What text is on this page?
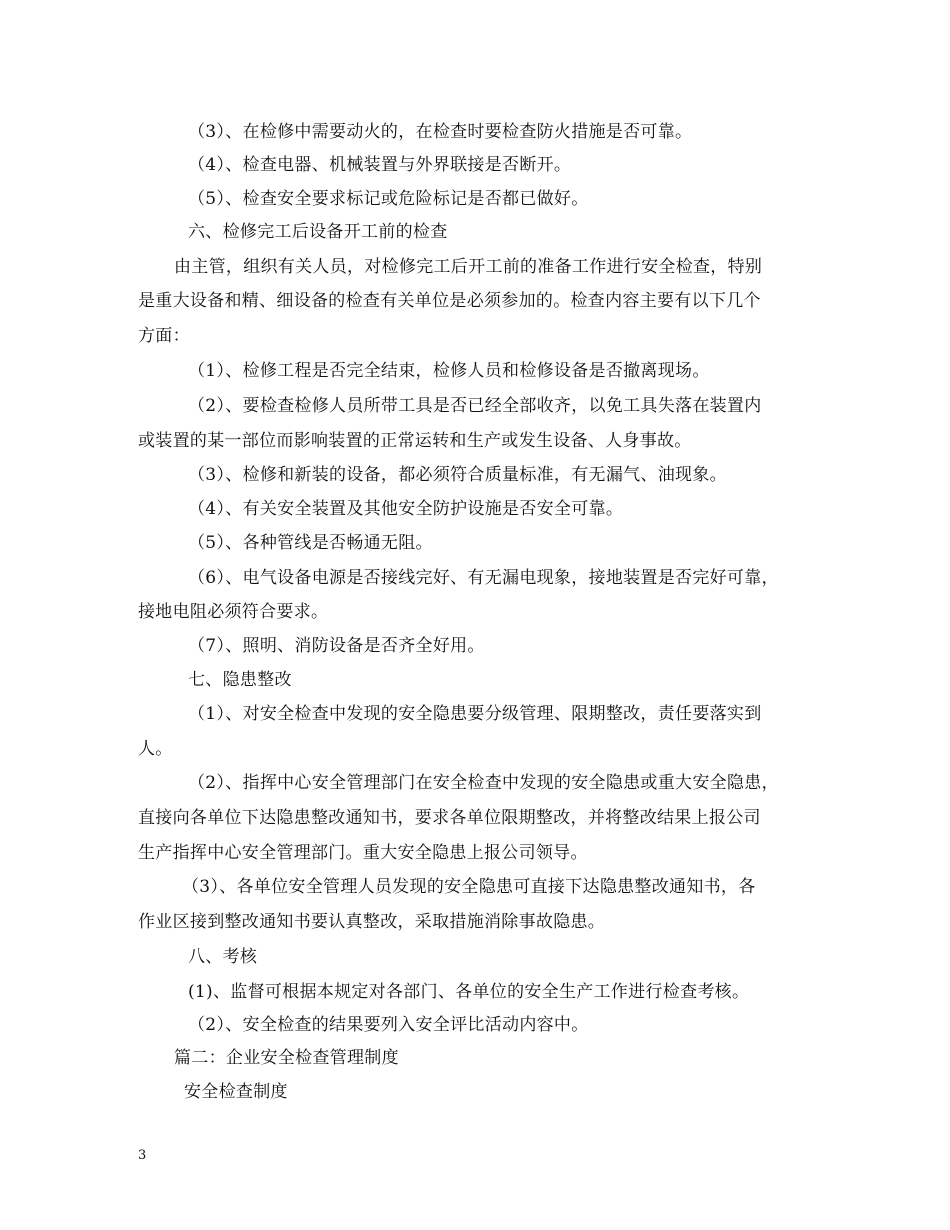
（3）、在检修中需要动火的，在检查时要检查防火措施是否可靠。
（4）、检查电器、机械装置与外界联接是否断开。
（5）、检查安全要求标记或危险标记是否都已做好。
六、检修完工后设备开工前的检查
由主管，组织有关人员，对检修完工后开工前的准备工作进行安全检查，特别
是重大设备和精、细设备的检查有关单位是必须参加的。检查内容主要有以下几个
方面：
（1）、检修工程是否完全结束，检修人员和检修设备是否撤离现场。
（2）、要检查检修人员所带工具是否已经全部收齐，以免工具失落在装置内
或装置的某一部位而影响装置的正常运转和生产或发生设备、人身事故。
（3）、检修和新装的设备，都必须符合质量标准，有无漏气、油现象。
（4）、有关安全装置及其他安全防护设施是否安全可靠。
（5）、各种管线是否畅通无阻。
（6）、电气设备电源是否接线完好、有无漏电现象，接地装置是否完好可靠，
接地电阻必须符合要求。
（7）、照明、消防设备是否齐全好用。
七、隐患整改
（1）、对安全检查中发现的安全隐患要分级管理、限期整改，责任要落实到
人。
（2）、指挥中心安全管理部门在安全检查中发现的安全隐患或重大安全隐患，
直接向各单位下达隐患整改通知书，要求各单位限期整改，并将整改结果上报公司
生产指挥中心安全管理部门。重大安全隐患上报公司领导。
（3）、各单位安全管理人员发现的安全隐患可直接下达隐患整改通知书，各
作业区接到整改通知书要认真整改，采取措施消除事故隐患。
八、考核
(1)、监督可根据本规定对各部门、各单位的安全生产工作进行检查考核。
（2）、安全检查的结果要列入安全评比活动内容中。
篇二：企业安全检查管理制度
安全检查制度
3
